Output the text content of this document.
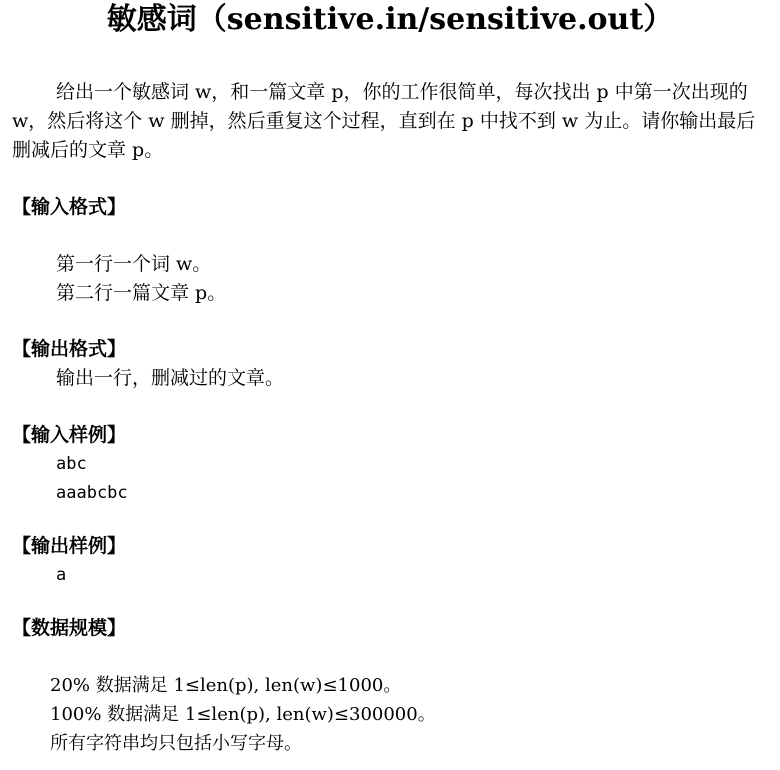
敏感词（sensitive.in/sensitive.out）

给出一个敏感词 w，和一篇文章 p，你的工作很简单，每次找出 p 中第一次出现的 w，然后将这个 w 删掉，然后重复这个过程，直到在 p 中找不到 w 为止。请你输出最后删减后的文章 p。

【输入格式】
第一行一个词 w。
第二行一篇文章 p。
【输出格式】
输出一行，删减过的文章。
【输入样例】
abc
aaabcbc
【输出样例】
a
【数据规模】
20% 数据满足 1≤len(p), len(w)≤1000。
100% 数据满足 1≤len(p), len(w)≤300000。
所有字符串均只包括小写字母。
